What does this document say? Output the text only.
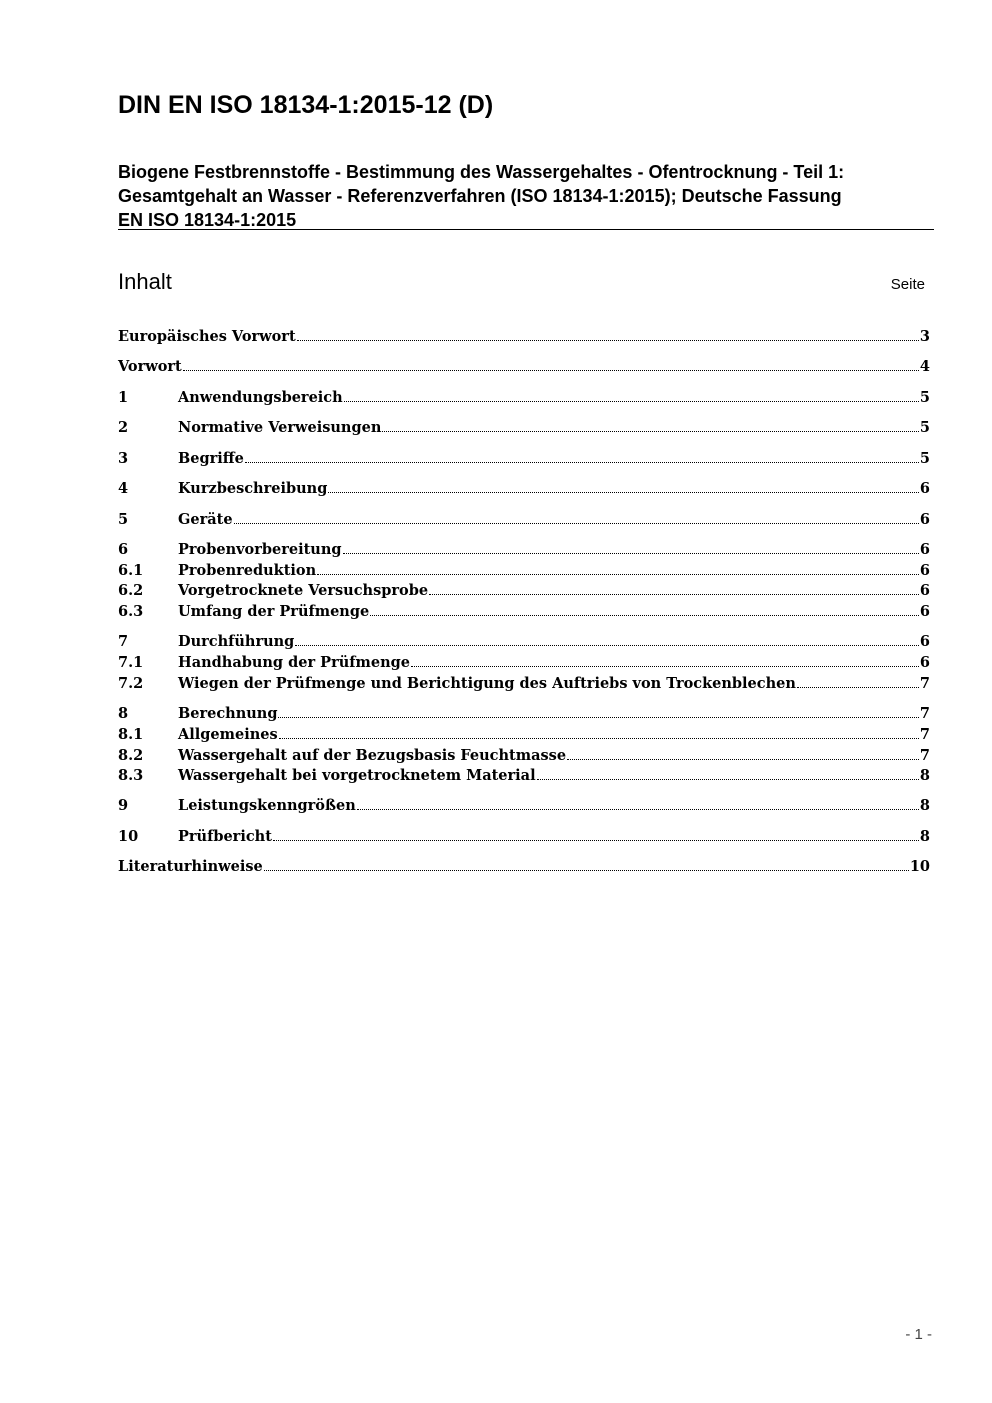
DIN EN ISO 18134-1:2015-12 (D)
Biogene Festbrennstoffe - Bestimmung des Wassergehaltes - Ofentrocknung - Teil 1:
Gesamtgehalt an Wasser - Referenzverfahren (ISO 18134-1:2015); Deutsche Fassung
EN ISO 18134-1:2015
Inhalt	Seite
Europäisches Vorwort	3
Vorwort	4
1	Anwendungsbereich	5
2	Normative Verweisungen	5
3	Begriffe	5
4	Kurzbeschreibung	6
5	Geräte	6
6	Probenvorbereitung	6
6.1	Probenreduktion	6
6.2	Vorgetrocknete Versuchsprobe	6
6.3	Umfang der Prüfmenge	6
7	Durchführung	6
7.1	Handhabung der Prüfmenge	6
7.2	Wiegen der Prüfmenge und Berichtigung des Auftriebs von Trockenblechen	7
8	Berechnung	7
8.1	Allgemeines	7
8.2	Wassergehalt auf der Bezugsbasis Feuchtmasse	7
8.3	Wassergehalt bei vorgetrocknetem Material	8
9	Leistungskenngrößen	8
10	Prüfbericht	8
Literaturhinweise	10
- 1 -
